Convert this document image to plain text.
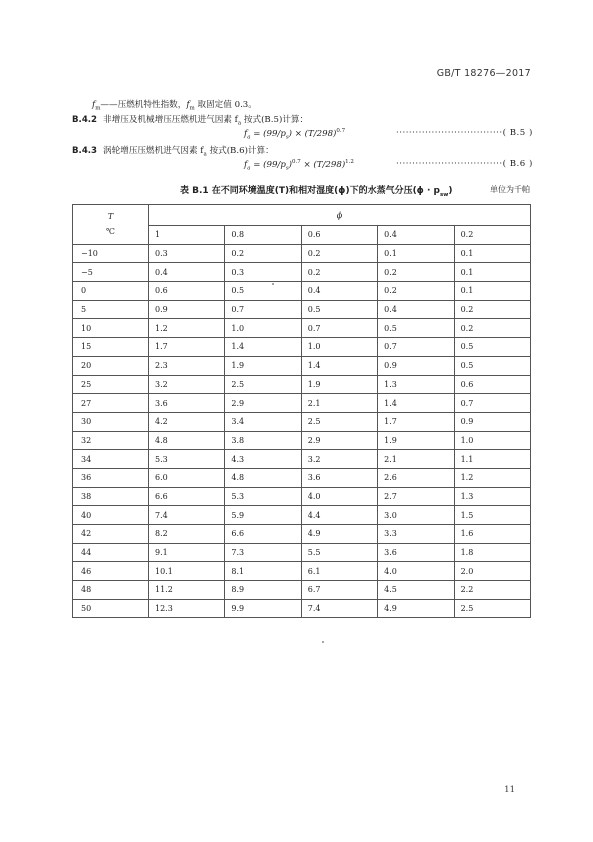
GB/T 18276—2017
$f_m——$压燃机特性指数，$f_m$ 取固定值 0.3。
B.4.2 非增压及机械增压压燃机进气因素 $f_a$ 按式(B.5)计算：
$f_a = (99/p_s) \times (T/298)^{0.7}$	·································( B.5 )
B.4.3 涡轮增压压燃机进气因素 $f_a$ 按式(B.6)计算：
$f_a = (99/p_s)^{0.7} \times (T/298)^{1.2}$	·································( B.6 )
表 B.1 在不同环境温度(T)和相对湿度(ϕ)下的水蒸气分压$(\phi \cdot p_{sw})$	单位为千帕
T
℃	ϕ				
	1	0.8	0.6	0.4	0.2
−10	0.3	0.2	0.2	0.1	0.1
−5	0.4	0.3	0.2	0.2	0.1
0	0.6	0.5	0.4	0.2	0.1
5	0.9	0.7	0.5	0.4	0.2
10	1.2	1.0	0.7	0.5	0.2
15	1.7	1.4	1.0	0.7	0.5
20	2.3	1.9	1.4	0.9	0.5
25	3.2	2.5	1.9	1.3	0.6
27	3.6	2.9	2.1	1.4	0.7
30	4.2	3.4	2.5	1.7	0.9
32	4.8	3.8	2.9	1.9	1.0
34	5.3	4.3	3.2	2.1	1.1
36	6.0	4.8	3.6	2.6	1.2
38	6.6	5.3	4.0	2.7	1.3
40	7.4	5.9	4.4	3.0	1.5
42	8.2	6.6	4.9	3.3	1.6
44	9.1	7.3	5.5	3.6	1.8
46	10.1	8.1	6.1	4.0	2.0
48	11.2	8.9	6.7	4.5	2.2
50	12.3	9.9	7.4	4.9	2.5
11
